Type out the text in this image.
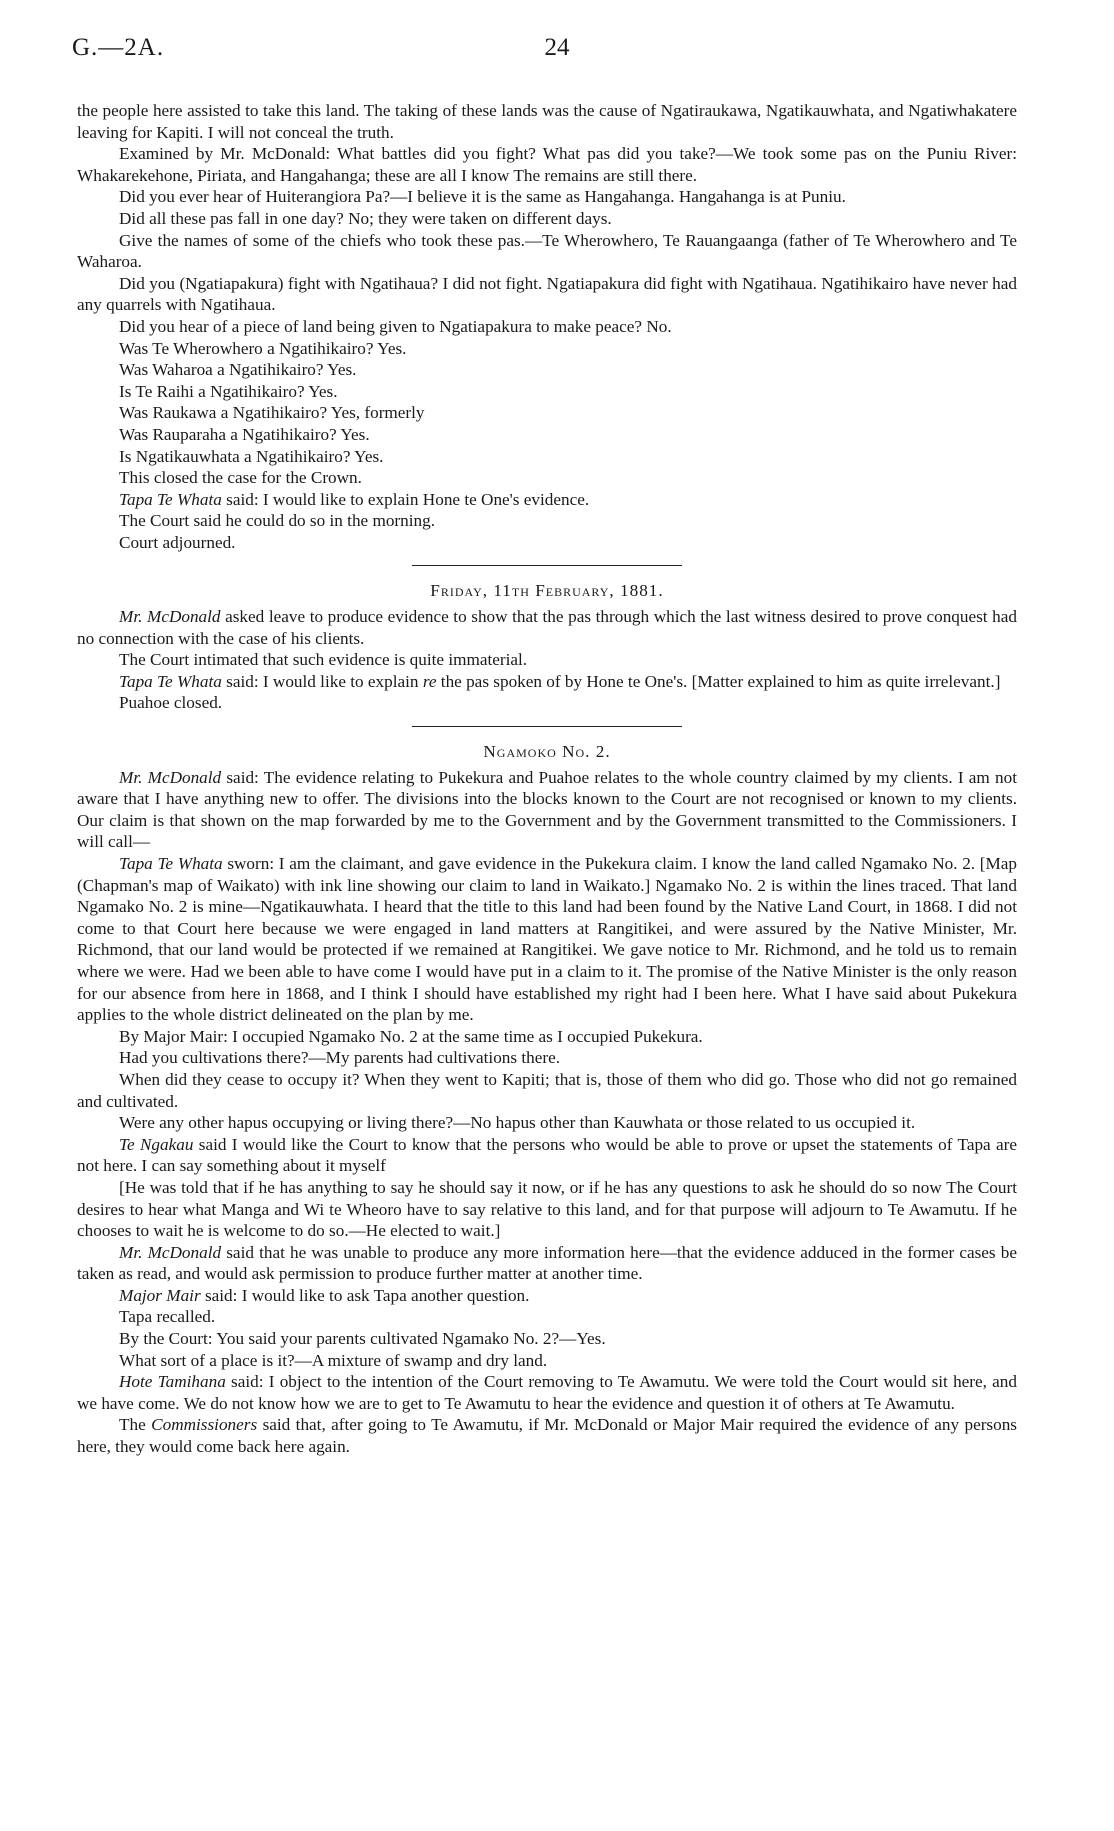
G.—2A.	24

the people here assisted to take this land. The taking of these lands was the cause of Ngatiraukawa, Ngatikauwhata, and Ngatiwhakatere leaving for Kapiti. I will not conceal the truth.

Examined by Mr. McDonald: What battles did you fight? What pas did you take?—We took some pas on the Puniu River: Whakarekehone, Piriata, and Hangahanga; these are all I know The remains are still there.

Did you ever hear of Huiterangiora Pa?—I believe it is the same as Hangahanga. Hangahanga is at Puniu.

Did all these pas fall in one day? No; they were taken on different days.

Give the names of some of the chiefs who took these pas.—Te Wherowhero, Te Rauangaanga (father of Te Wherowhero and Te Waharoa.

Did you (Ngatiapakura) fight with Ngatihaua? I did not fight. Ngatiapakura did fight with Ngatihaua. Ngatihikairo have never had any quarrels with Ngatihaua.

Did you hear of a piece of land being given to Ngatiapakura to make peace? No.

Was Te Wherowhero a Ngatihikairo? Yes.

Was Waharoa a Ngatihikairo? Yes.

Is Te Raihi a Ngatihikairo? Yes.

Was Raukawa a Ngatihikairo? Yes, formerly

Was Rauparaha a Ngatihikairo? Yes.

Is Ngatikauwhata a Ngatihikairo? Yes.

This closed the case for the Crown.

Tapa Te Whata said: I would like to explain Hone te One's evidence.

The Court said he could do so in the morning.

Court adjourned.

Friday, 11th February, 1881.

Mr. McDonald asked leave to produce evidence to show that the pas through which the last witness desired to prove conquest had no connection with the case of his clients.

The Court intimated that such evidence is quite immaterial.

Tapa Te Whata said: I would like to explain re the pas spoken of by Hone te One's. [Matter explained to him as quite irrelevant.]

Puahoe closed.

Ngamoko No. 2.

Mr. McDonald said: The evidence relating to Pukekura and Puahoe relates to the whole country claimed by my clients. I am not aware that I have anything new to offer. The divisions into the blocks known to the Court are not recognised or known to my clients. Our claim is that shown on the map forwarded by me to the Government and by the Government transmitted to the Commissioners. I will call—

Tapa Te Whata sworn: I am the claimant, and gave evidence in the Pukekura claim. I know the land called Ngamako No. 2. [Map (Chapman's map of Waikato) with ink line showing our claim to land in Waikato.] Ngamako No. 2 is within the lines traced. That land Ngamako No. 2 is mine—Ngatikauwhata. I heard that the title to this land had been found by the Native Land Court, in 1868. I did not come to that Court here because we were engaged in land matters at Rangitikei, and were assured by the Native Minister, Mr. Richmond, that our land would be protected if we remained at Rangitikei. We gave notice to Mr. Richmond, and he told us to remain where we were. Had we been able to have come I would have put in a claim to it. The promise of the Native Minister is the only reason for our absence from here in 1868, and I think I should have established my right had I been here. What I have said about Pukekura applies to the whole district delineated on the plan by me.

By Major Mair: I occupied Ngamako No. 2 at the same time as I occupied Pukekura.

Had you cultivations there?—My parents had cultivations there.

When did they cease to occupy it? When they went to Kapiti; that is, those of them who did go. Those who did not go remained and cultivated.

Were any other hapus occupying or living there?—No hapus other than Kauwhata or those related to us occupied it.

Te Ngakau said I would like the Court to know that the persons who would be able to prove or upset the statements of Tapa are not here. I can say something about it myself

[He was told that if he has anything to say he should say it now, or if he has any questions to ask he should do so now The Court desires to hear what Manga and Wi te Wheoro have to say relative to this land, and for that purpose will adjourn to Te Awamutu. If he chooses to wait he is welcome to do so.—He elected to wait.]

Mr. McDonald said that he was unable to produce any more information here—that the evidence adduced in the former cases be taken as read, and would ask permission to produce further matter at another time.

Major Mair said: I would like to ask Tapa another question.

Tapa recalled.

By the Court: You said your parents cultivated Ngamako No. 2?—Yes.

What sort of a place is it?—A mixture of swamp and dry land.

Hote Tamihana said: I object to the intention of the Court removing to Te Awamutu. We were told the Court would sit here, and we have come. We do not know how we are to get to Te Awamutu to hear the evidence and question it of others at Te Awamutu.

The Commissioners said that, after going to Te Awamutu, if Mr. McDonald or Major Mair required the evidence of any persons here, they would come back here again.
